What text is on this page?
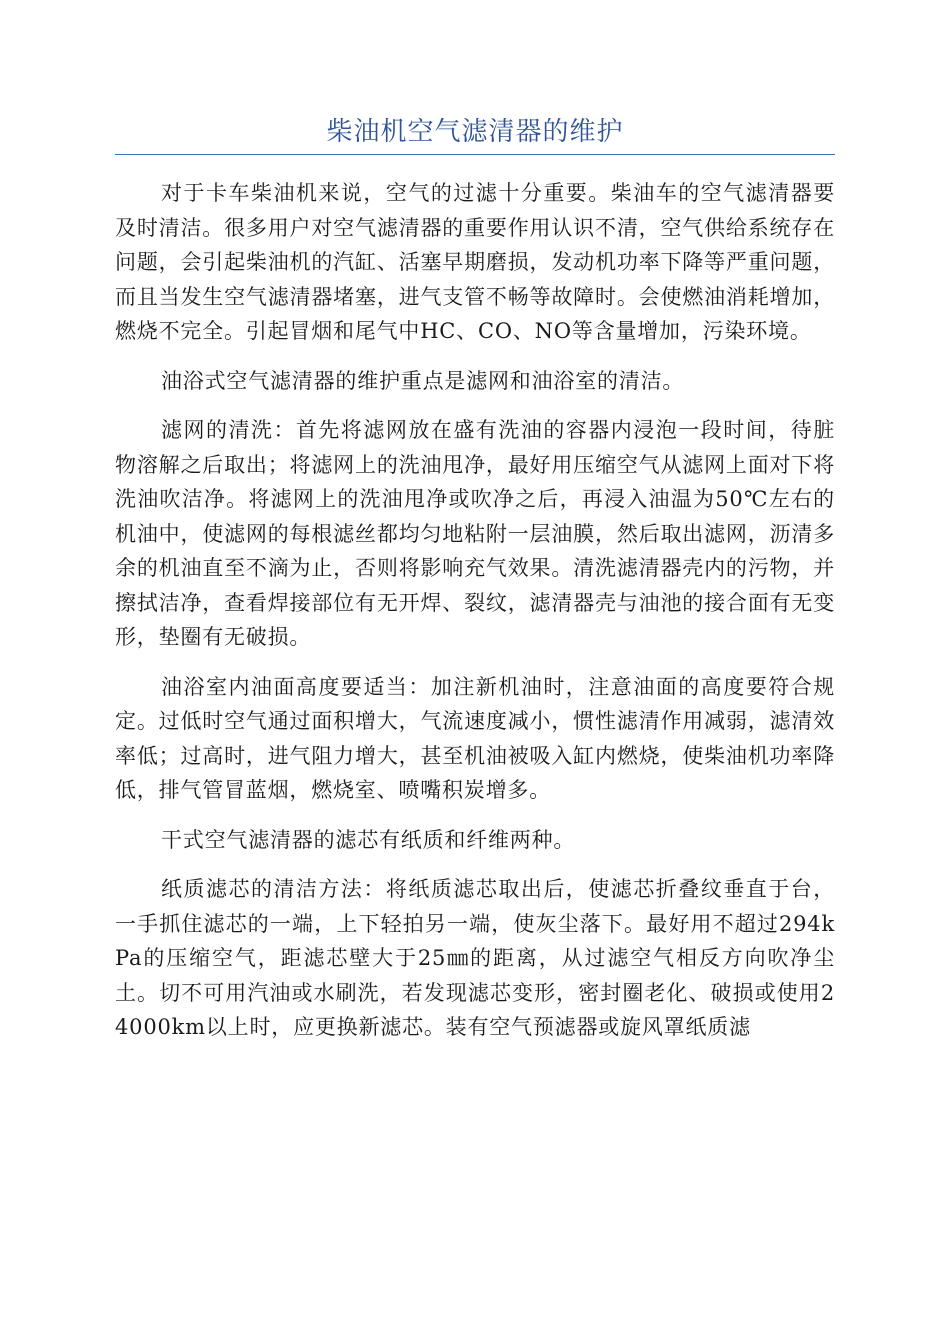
柴油机空气滤清器的维护

对于卡车柴油机来说，空气的过滤十分重要。柴油车的空气滤清器要及时清洁。很多用户对空气滤清器的重要作用认识不清，空气供给系统存在问题，会引起柴油机的汽缸、活塞早期磨损，发动机功率下降等严重问题，而且当发生空气滤清器堵塞，进气支管不畅等故障时。会使燃油消耗增加，燃烧不完全。引起冒烟和尾气中HC、CO、NO等含量增加，污染环境。

油浴式空气滤清器的维护重点是滤网和油浴室的清洁。

滤网的清洗：首先将滤网放在盛有洗油的容器内浸泡一段时间，待脏物溶解之后取出；将滤网上的洗油甩净，最好用压缩空气从滤网上面对下将洗油吹洁净。将滤网上的洗油甩净或吹净之后，再浸入油温为50℃左右的机油中，使滤网的每根滤丝都均匀地粘附一层油膜，然后取出滤网，沥清多余的机油直至不滴为止，否则将影响充气效果。清洗滤清器壳内的污物，并擦拭洁净，查看焊接部位有无开焊、裂纹，滤清器壳与油池的接合面有无变形，垫圈有无破损。

油浴室内油面高度要适当：加注新机油时，注意油面的高度要符合规定。过低时空气通过面积增大，气流速度减小，惯性滤清作用减弱，滤清效率低；过高时，进气阻力增大，甚至机油被吸入缸内燃烧，使柴油机功率降低，排气管冒蓝烟，燃烧室、喷嘴积炭增多。

干式空气滤清器的滤芯有纸质和纤维两种。

纸质滤芯的清洁方法：将纸质滤芯取出后，使滤芯折叠纹垂直于台，一手抓住滤芯的一端，上下轻拍另一端，使灰尘落下。最好用不超过294kPa的压缩空气，距滤芯壁大于25㎜的距离，从过滤空气相反方向吹净尘土。切不可用汽油或水刷洗，若发现滤芯变形，密封圈老化、破损或使用24000km以上时，应更换新滤芯。装有空气预滤器或旋风罩纸质滤
